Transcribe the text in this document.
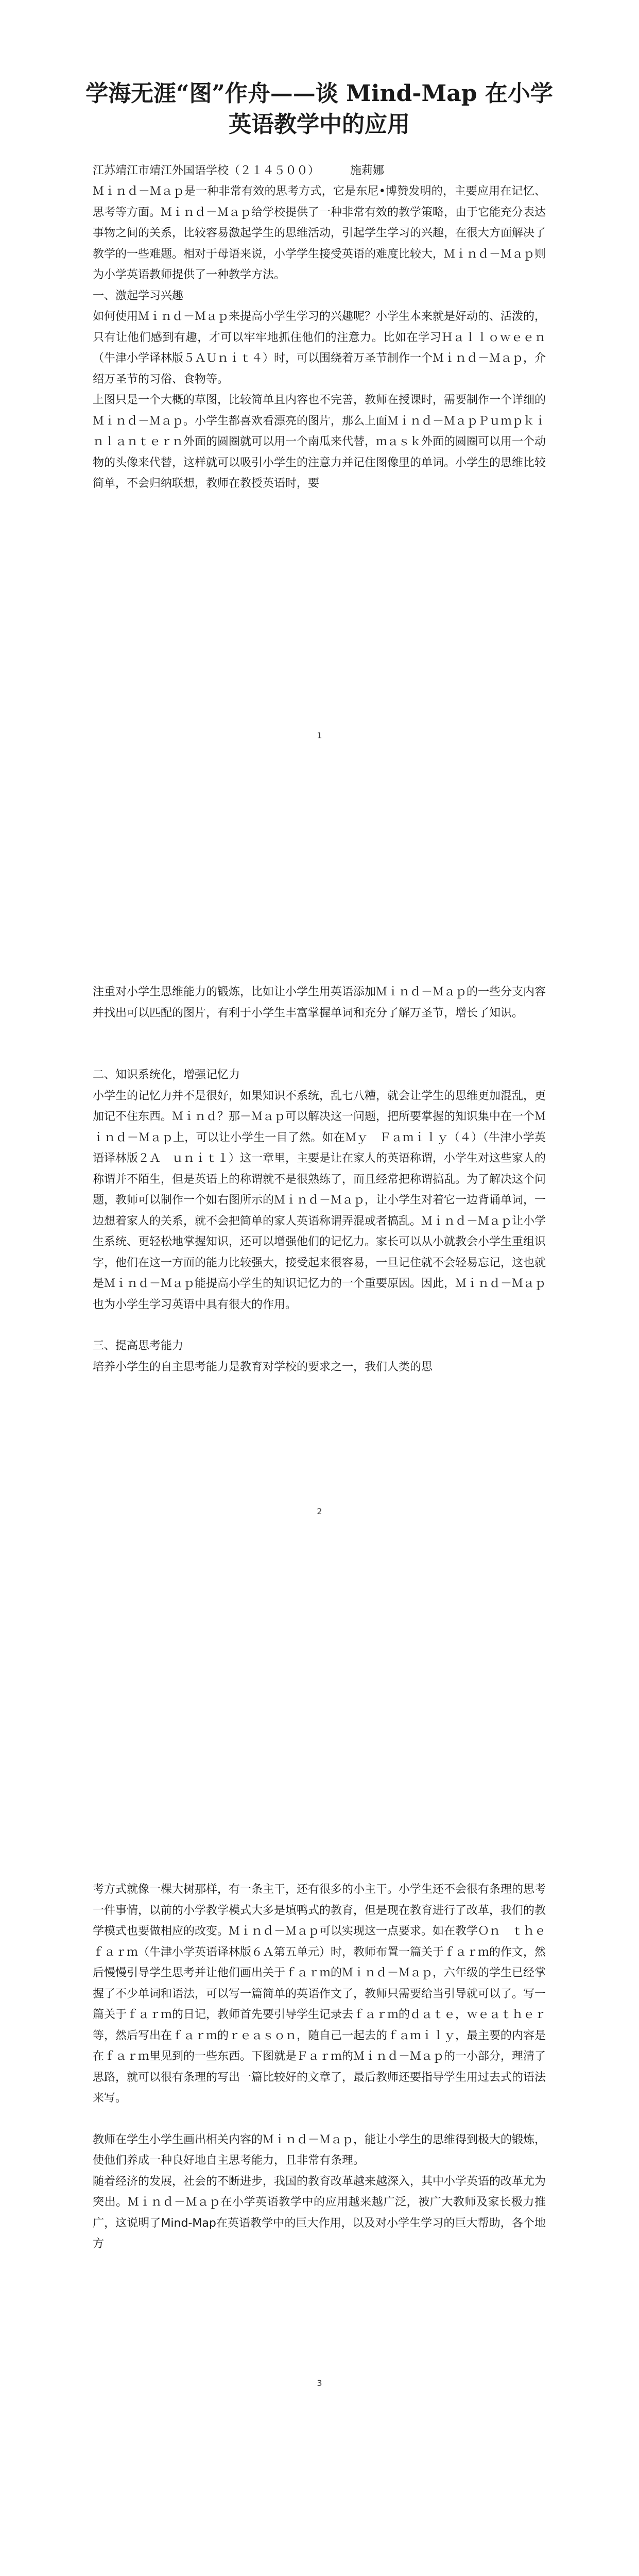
学海无涯“图”作舟——谈 Mind-Map 在小学英语教学中的应用

江苏靖江市靖江外国语学校（２１４５００）	施莉娜

Ｍｉｎｄ－Ｍａｐ是一种非常有效的思考方式，它是东尼•博赞发明的，主要应用在记忆、思考等方面。Ｍｉｎｄ－Ｍａｐ给学校提供了一种非常有效的教学策略，由于它能充分表达事物之间的关系，比较容易激起学生的思维活动，引起学生学习的兴趣，在很大方面解决了教学的一些难题。相对于母语来说，小学学生接受英语的难度比较大，Ｍｉｎｄ－Ｍａｐ则为小学英语教师提供了一种教学方法。

一、激起学习兴趣

如何使用Ｍｉｎｄ－Ｍａｐ来提高小学生学习的兴趣呢？小学生本来就是好动的、活泼的，只有让他们感到有趣，才可以牢牢地抓住他们的注意力。比如在学习Ｈａｌｌｏｗｅｅｎ（牛津小学译林版５ＡＵｎｉｔ４）时，可以围绕着万圣节制作一个Ｍｉｎｄ－Ｍａｐ，介绍万圣节的习俗、食物等。

上图只是一个大概的草图，比较简单且内容也不完善，教师在授课时，需要制作一个详细的Ｍｉｎｄ－Ｍａｐ。小学生都喜欢看漂亮的图片，那么上面Ｍｉｎｄ－ＭａｐＰｕｍｐｋｉｎｌａｎｔｅｒｎ外面的圆圈就可以用一个南瓜来代替，ｍａｓｋ外面的圆圈可以用一个动物的头像来代替，这样就可以吸引小学生的注意力并记住图像里的单词。小学生的思维比较简单，不会归纳联想，教师在教授英语时，要

1

注重对小学生思维能力的锻炼，比如让小学生用英语添加Ｍｉｎｄ－Ｍａｐ的一些分支内容并找出可以匹配的图片，有利于小学生丰富掌握单词和充分了解万圣节，增长了知识。

二、知识系统化，增强记忆力

小学生的记忆力并不是很好，如果知识不系统，乱七八糟，就会让学生的思维更加混乱，更加记不住东西。Ｍｉｎｄ？那－Ｍａｐ可以解决这一问题，把所要掌握的知识集中在一个Ｍｉｎｄ－Ｍａｐ上，可以让小学生一目了然。如在Ｍｙ　Ｆａｍｉｌｙ（４）（牛津小学英语译林版２Ａ　ｕｎｉｔ１）这一章里，主要是让在家人的英语称谓，小学生对这些家人的称谓并不陌生，但是英语上的称谓就不是很熟练了，而且经常把称谓搞乱。为了解决这个问题，教师可以制作一个如右图所示的Ｍｉｎｄ－Ｍａｐ，让小学生对着它一边背诵单词，一边想着家人的关系，就不会把简单的家人英语称谓弄混或者搞乱。Ｍｉｎｄ－Ｍａｐ让小学生系统、更轻松地掌握知识，还可以增强他们的记忆力。家长可以从小就教会小学生重组识字，他们在这一方面的能力比较强大，接受起来很容易，一旦记住就不会轻易忘记，这也就是Ｍｉｎｄ－Ｍａｐ能提高小学生的知识记忆力的一个重要原因。因此，Ｍｉｎｄ－Ｍａｐ也为小学生学习英语中具有很大的作用。

三、提高思考能力

培养小学生的自主思考能力是教育对学校的要求之一，我们人类的思

2

考方式就像一棵大树那样，有一条主干，还有很多的小主干。小学生还不会很有条理的思考一件事情，以前的小学教学模式大多是填鸭式的教育，但是现在教育进行了改革，我们的教学模式也要做相应的改变。Ｍｉｎｄ－Ｍａｐ可以实现这一点要求。如在教学Ｏｎ　ｔｈｅ　ｆａｒｍ（牛津小学英语译林版６Ａ第五单元）时，教师布置一篇关于ｆａｒｍ的作文，然后慢慢引导学生思考并让他们画出关于ｆａｒｍ的Ｍｉｎｄ－Ｍａｐ，六年级的学生已经掌握了不少单词和语法，可以写一篇简单的英语作文了，教师只需要给当引导就可以了。写一篇关于ｆａｒｍ的日记，教师首先要引导学生记录去ｆａｒｍ的ｄａｔｅ，ｗｅａｔｈｅｒ等，然后写出在ｆａｒｍ的ｒｅａｓｏｎ，随自己一起去的ｆａｍｉｌｙ，最主要的内容是在ｆａｒｍ里见到的一些东西。下图就是Ｆａｒｍ的Ｍｉｎｄ－Ｍａｐ的一小部分，理清了思路，就可以很有条理的写出一篇比较好的文章了，最后教师还要指导学生用过去式的语法来写。

教师在学生小学生画出相关内容的Ｍｉｎｄ－Ｍａｐ，能让小学生的思维得到极大的锻炼，使他们养成一种良好地自主思考能力，且非常有条理。

随着经济的发展，社会的不断进步，我国的教育改革越来越深入，其中小学英语的改革尤为突出。Ｍｉｎｄ－Ｍａｐ在小学英语教学中的应用越来越广泛，被广大教师及家长极力推广，这说明了Mind-Map在英语教学中的巨大作用，以及对小学生学习的巨大帮助，各个地方

3
